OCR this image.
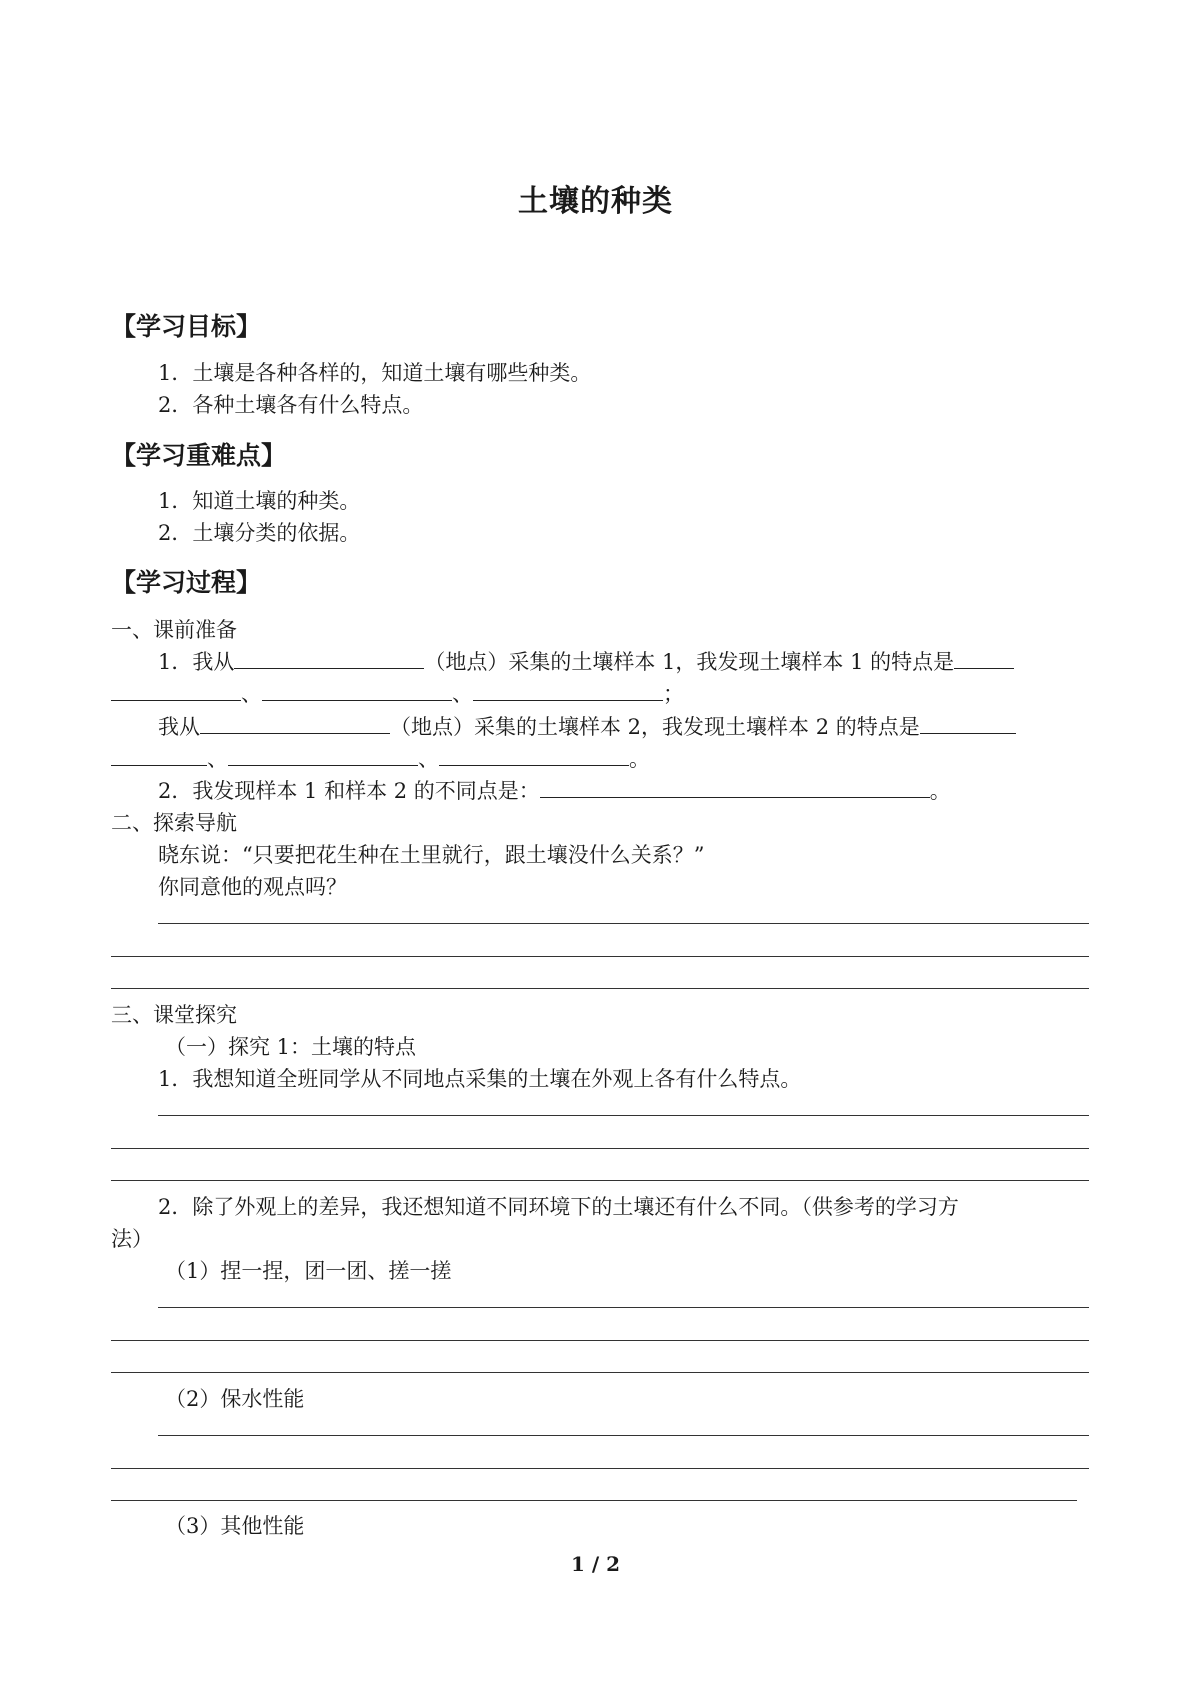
土壤的种类
【学习目标】
1．土壤是各种各样的，知道土壤有哪些种类。
2．各种土壤各有什么特点。
【学习重难点】
1．知道土壤的种类。
2．土壤分类的依据。
【学习过程】
一、课前准备
1．我从	（地点）采集的土壤样本 1，我发现土壤样本 1 的特点是
、	、	；
我从	（地点）采集的土壤样本 2，我发现土壤样本 2 的特点是
、	、	。
2．我发现样本 1 和样本 2 的不同点是：	。
二、探索导航
晓东说：“只要把花生种在土里就行，跟土壤没什么关系？”
你同意他的观点吗？
三、课堂探究
（一）探究 1：土壤的特点
1．我想知道全班同学从不同地点采集的土壤在外观上各有什么特点。
2．除了外观上的差异，我还想知道不同环境下的土壤还有什么不同。（供参考的学习方
法）
（1）捏一捏，团一团、搓一搓
（2）保水性能
（3）其他性能
1 / 2
